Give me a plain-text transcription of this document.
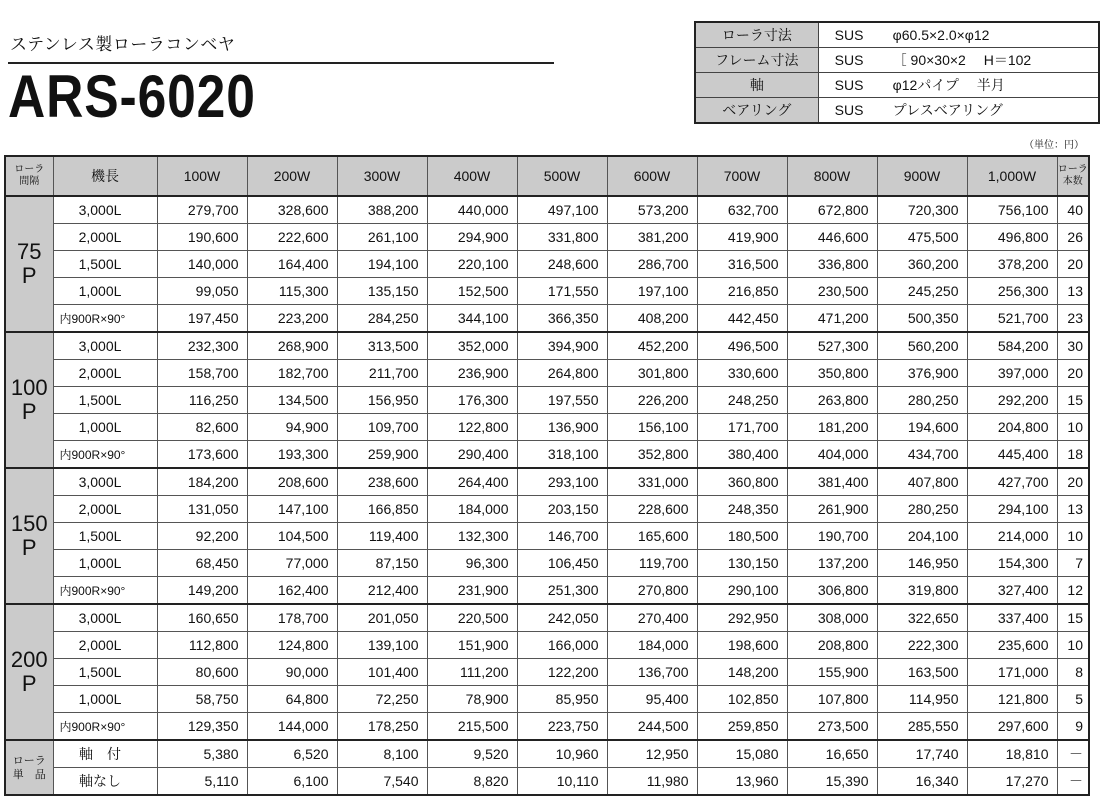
ステンレス製ローラコンベヤ
ARS-6020
ローラ寸法	SUS φ60.5×2.0×φ12
フレーム寸法	SUS ［ 90×30×2　 H＝102
軸	SUS φ12パイプ　 半月
ベアリング	SUS プレスベアリング
（単位：円）
ローラ
間隔	機長	100W	200W	300W	400W	500W	600W	700W	800W	900W	1,000W	ローラ
本数
75
P	3,000L	279,700	328,600	388,200	440,000	497,100	573,200	632,700	672,800	720,300	756,100	40
	2,000L	190,600	222,600	261,100	294,900	331,800	381,200	419,900	446,600	475,500	496,800	26
	1,500L	140,000	164,400	194,100	220,100	248,600	286,700	316,500	336,800	360,200	378,200	20
	1,000L	99,050	115,300	135,150	152,500	171,550	197,100	216,850	230,500	245,250	256,300	13
	内900R×90°	197,450	223,200	284,250	344,100	366,350	408,200	442,450	471,200	500,350	521,700	23
100
P	3,000L	232,300	268,900	313,500	352,000	394,900	452,200	496,500	527,300	560,200	584,200	30
	2,000L	158,700	182,700	211,700	236,900	264,800	301,800	330,600	350,800	376,900	397,000	20
	1,500L	116,250	134,500	156,950	176,300	197,550	226,200	248,250	263,800	280,250	292,200	15
	1,000L	82,600	94,900	109,700	122,800	136,900	156,100	171,700	181,200	194,600	204,800	10
	内900R×90°	173,600	193,300	259,900	290,400	318,100	352,800	380,400	404,000	434,700	445,400	18
150
P	3,000L	184,200	208,600	238,600	264,400	293,100	331,000	360,800	381,400	407,800	427,700	20
	2,000L	131,050	147,100	166,850	184,000	203,150	228,600	248,350	261,900	280,250	294,100	13
	1,500L	92,200	104,500	119,400	132,300	146,700	165,600	180,500	190,700	204,100	214,000	10
	1,000L	68,450	77,000	87,150	96,300	106,450	119,700	130,150	137,200	146,950	154,300	7
	内900R×90°	149,200	162,400	212,400	231,900	251,300	270,800	290,100	306,800	319,800	327,400	12
200
P	3,000L	160,650	178,700	201,050	220,500	242,050	270,400	292,950	308,000	322,650	337,400	15
	2,000L	112,800	124,800	139,100	151,900	166,000	184,000	198,600	208,800	222,300	235,600	10
	1,500L	80,600	90,000	101,400	111,200	122,200	136,700	148,200	155,900	163,500	171,000	8
	1,000L	58,750	64,800	72,250	78,900	85,950	95,400	102,850	107,800	114,950	121,800	5
	内900R×90°	129,350	144,000	178,250	215,500	223,750	244,500	259,850	273,500	285,550	297,600	9
ローラ
単　品	軸　付	5,380	6,520	8,100	9,520	10,960	12,950	15,080	16,650	17,740	18,810	－
	軸なし	5,110	6,100	7,540	8,820	10,110	11,980	13,960	15,390	16,340	17,270	－
